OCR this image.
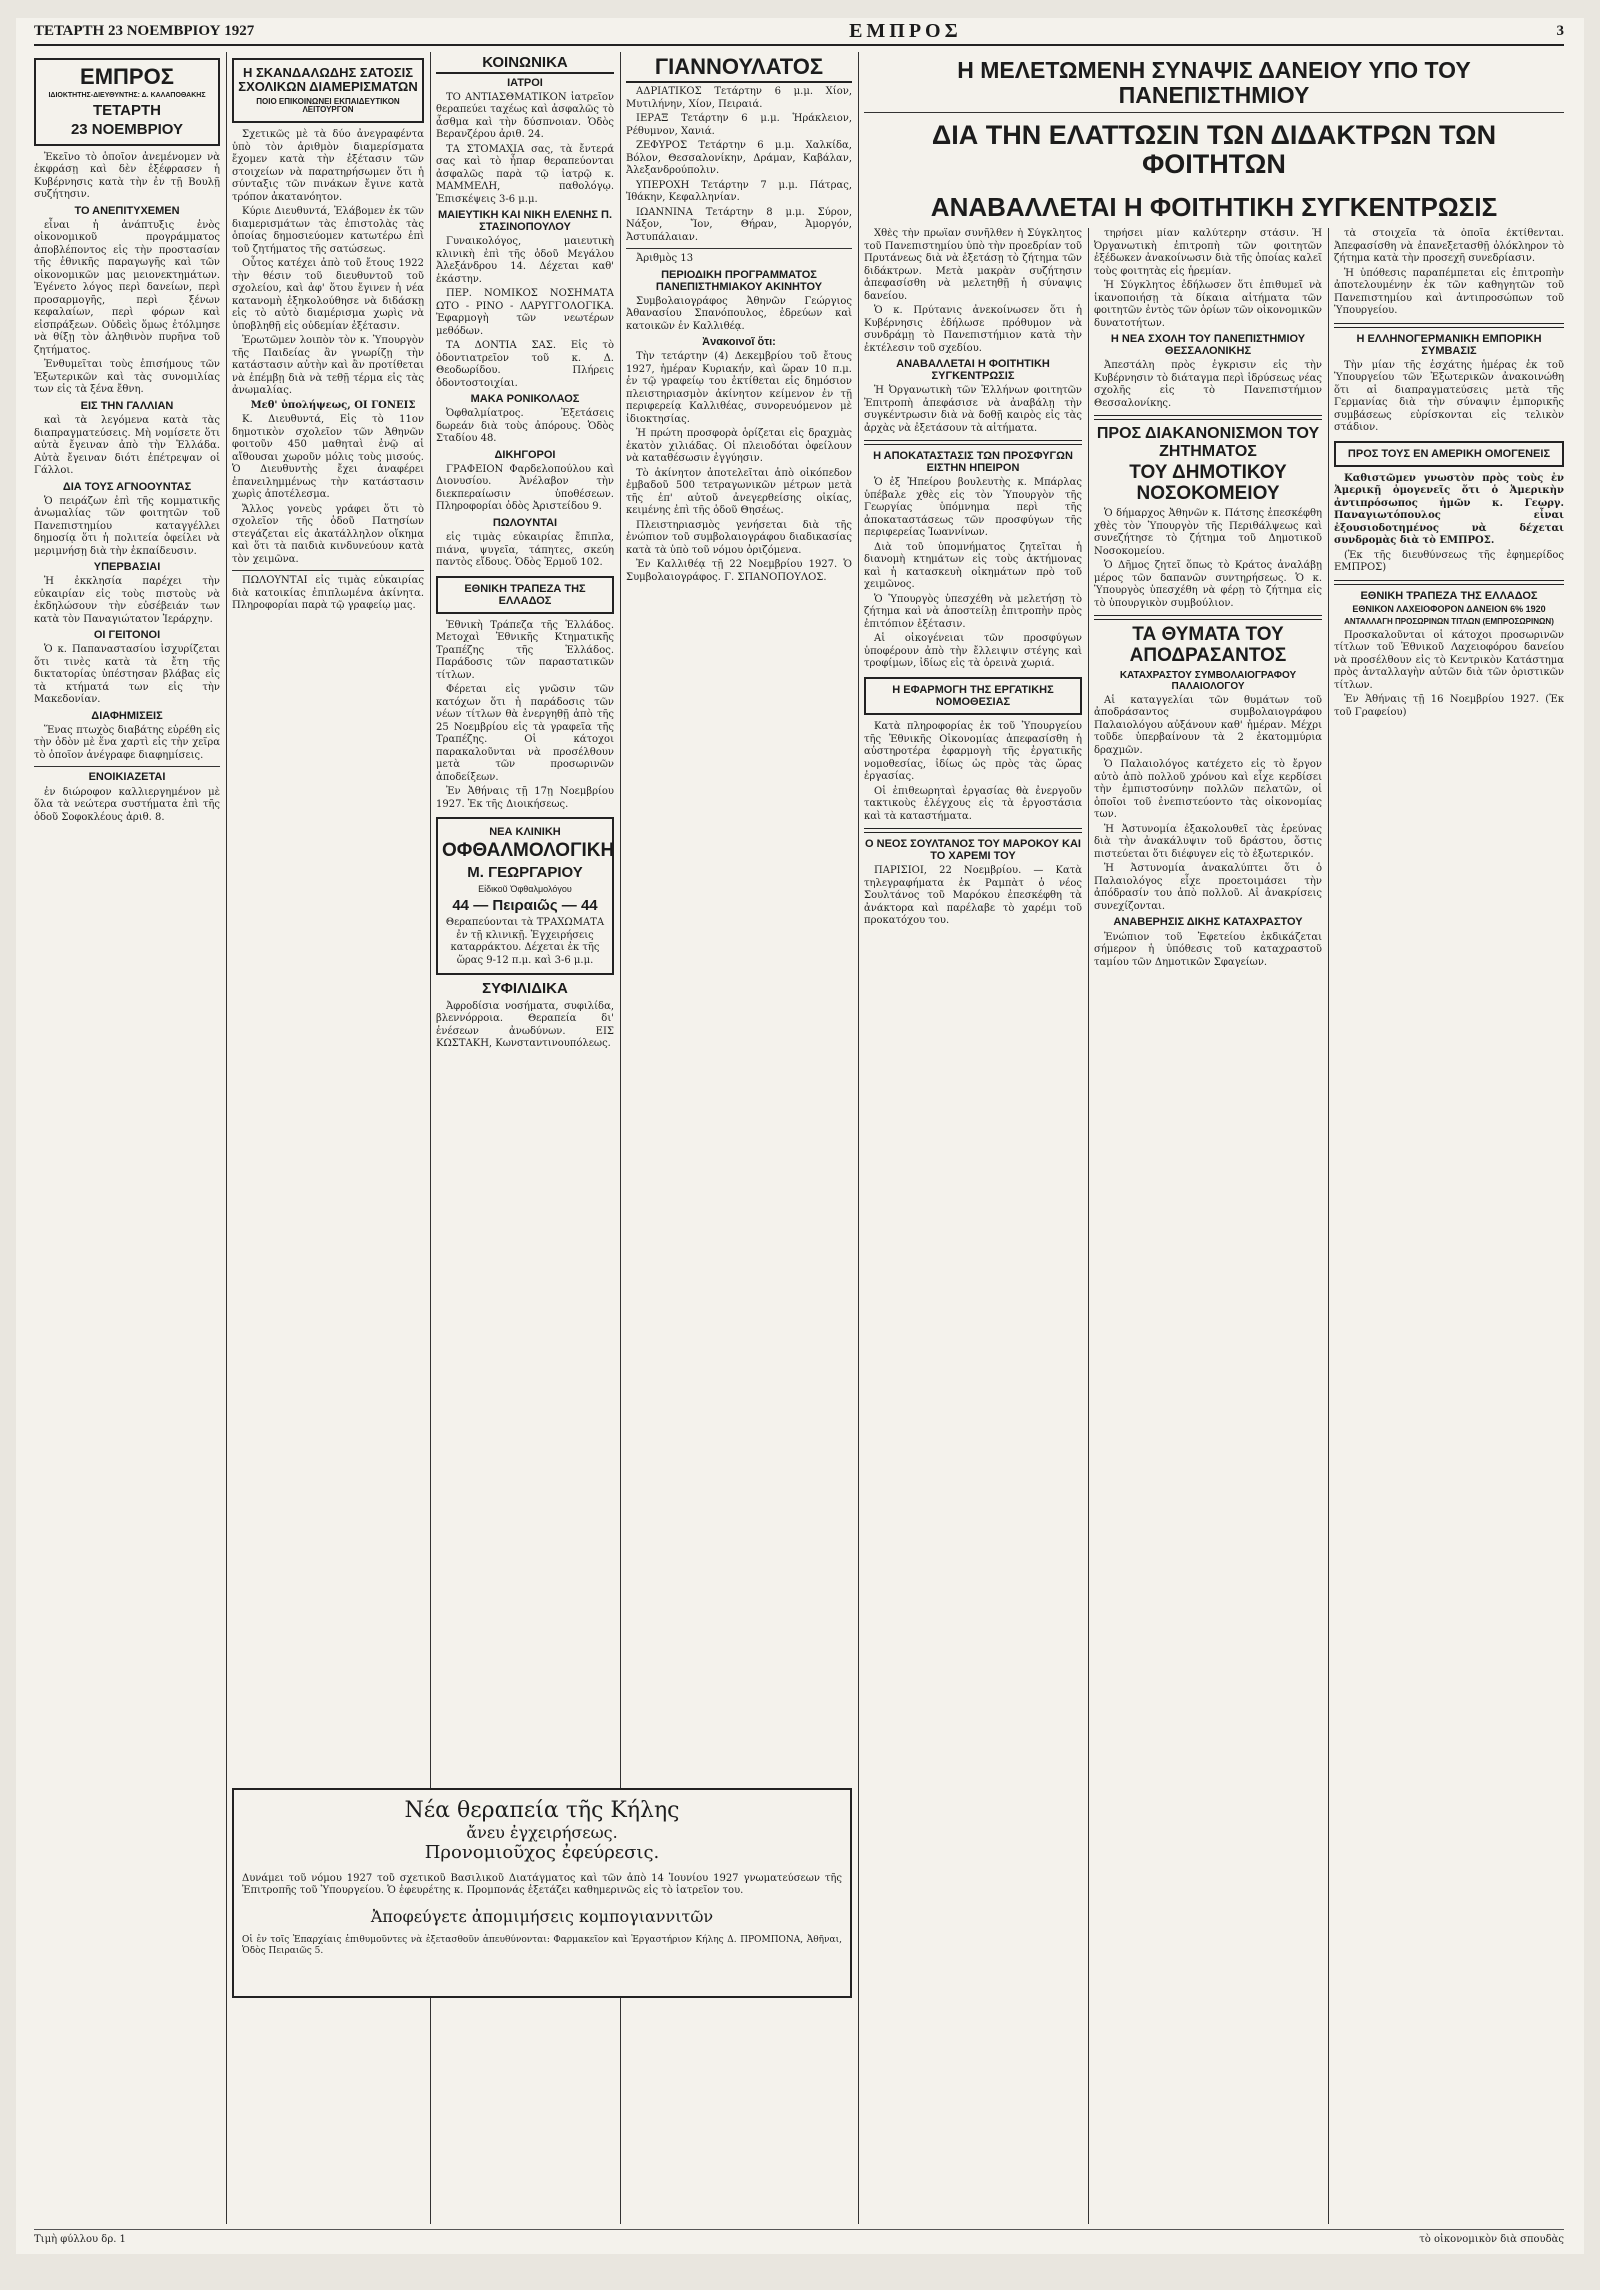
ΤΕΤΑΡΤΗ 23 ΝΟΕΜΒΡΙΟΥ 1927	ΕΜΠΡΟΣ	3
ΕΜΠΡΟΣ
ΙΔΙΟΚΤΗΤΗΣ-ΔΙΕΥΘΥΝΤΗΣ: Δ. ΚΑΛΑΠΟΘΑΚΗΣ
ΤΕΤΑΡΤΗ
23 ΝΟΕΜΒΡΙΟΥ

Ἐκεῖνο τὸ ὁποῖον ἀνεμένομεν νὰ ἐκφράσῃ καὶ δὲν ἐξέφρασεν ἡ Κυβέρνησις κατὰ τὴν ἐν τῇ Βουλῇ συζήτησιν.

ΤΟ ΑΝΕΠΙΤΥΧΕΜΕΝ

εἶναι ἡ ἀνάπτυξις ἑνὸς οἰκονομικοῦ προγράμματος ἀποβλέποντος εἰς τὴν προστασίαν τῆς ἐθνικῆς παραγωγῆς καὶ τῶν οἰκονομικῶν μας μειονεκτημάτων. Ἐγένετο λόγος περὶ δανείων, περὶ προσαρμογῆς, περὶ ξένων κεφαλαίων, περὶ φόρων καὶ εἰσπράξεων. Οὐδεὶς ὅμως ἐτόλμησε νὰ θίξῃ τὸν ἀληθινὸν πυρῆνα τοῦ ζητήματος.

Ἐνθυμεῖται τοὺς ἐπισήμους τῶν Ἐξωτερικῶν καὶ τὰς συνομιλίας των εἰς τὰ ξένα ἔθνη.

ΕΙΣ ΤΗΝ ΓΑΛΛΙΑΝ

καὶ τὰ λεγόμενα κατὰ τὰς διαπραγματεύσεις. Μὴ νομίσετε ὅτι αὐτὰ ἔγειναν ἀπὸ τὴν Ἑλλάδα. Αὐτὰ ἔγειναν διότι ἐπέτρεψαν οἱ Γάλλοι.

ΔΙΑ ΤΟΥΣ ΑΓΝΟΟΥΝΤΑΣ

Ὁ πειράζων ἐπὶ τῆς κομματικῆς ἀνωμαλίας τῶν φοιτητῶν τοῦ Πανεπιστημίου καταγγέλλει δημοσίᾳ ὅτι ἡ πολιτεία ὀφείλει νὰ μεριμνήσῃ διὰ τὴν ἐκπαίδευσιν.

ΥΠΕΡΒΑΣΙΑΙ

Ἡ ἐκκλησία παρέχει τὴν εὐκαιρίαν εἰς τοὺς πιστοὺς νὰ ἐκδηλώσουν τὴν εὐσέβειάν των κατὰ τὸν Παναγιώτατον Ἱεράρχην.

ΟΙ ΓΕΙΤΟΝΟΙ

Ὁ κ. Παπαναστασίου ἰσχυρίζεται ὅτι τινὲς κατὰ τὰ ἔτη τῆς δικτατορίας ὑπέστησαν βλάβας εἰς τὰ κτήματά των εἰς τὴν Μακεδονίαν.

ΔΙΑΦΗΜΙΣΕΙΣ

Ἕνας πτωχὸς διαβάτης εὑρέθη εἰς τὴν ὁδὸν μὲ ἕνα χαρτὶ εἰς τὴν χεῖρα τὸ ὁποῖον ἀνέγραφε διαφημίσεις.

ΕΝΟΙΚΙΑΖΕΤΑΙ

ἐν διώροφον καλλιεργημένον μὲ ὅλα τὰ νεώτερα συστήματα ἐπὶ τῆς ὁδοῦ Σοφοκλέους ἀριθ. 8.

Η ΣΚΑΝΔΑΛΩΔΗΣ ΣΑΤΟΣΙΣ ΣΧΟΛΙΚΩΝ ΔΙΑΜΕΡΙΣΜΑΤΩΝ
ΠΟΙΟ ΕΠΙΚΟΙΝΩΝΕΙ ΕΚΠΑΙΔΕΥΤΙΚΟΝ ΛΕΙΤΟΥΡΓΟΝ

Σχετικῶς μὲ τὰ δύο ἀνεγραφέντα ὑπὸ τὸν ἀριθμὸν διαμερίσματα ἔχομεν κατὰ τὴν ἐξέτασιν τῶν στοιχείων νὰ παρατηρήσωμεν ὅτι ἡ σύνταξις τῶν πινάκων ἔγινε κατὰ τρόπον ἀκατανόητον.

Κύριε Διευθυντά, Ἐλάβομεν ἐκ τῶν διαμερισμάτων τὰς ἐπιστολὰς τὰς ὁποίας δημοσιεύομεν κατωτέρω ἐπὶ τοῦ ζητήματος τῆς σατώσεως.

Οὗτος κατέχει ἀπὸ τοῦ ἔτους 1922 τὴν θέσιν τοῦ διευθυντοῦ τοῦ σχολείου, καὶ ἀφ' ὅτου ἔγινεν ἡ νέα κατανομὴ ἐξηκολούθησε νὰ διδάσκῃ εἰς τὸ αὐτὸ διαμέρισμα χωρὶς νὰ ὑποβληθῇ εἰς οὐδεμίαν ἐξέτασιν.

Ἐρωτῶμεν λοιπὸν τὸν κ. Ὑπουργὸν τῆς Παιδείας ἂν γνωρίζῃ τὴν κατάστασιν αὐτὴν καὶ ἂν προτίθεται νὰ ἐπέμβῃ διὰ νὰ τεθῇ τέρμα εἰς τὰς ἀνωμαλίας.

Μεθ' ὑπολήψεως, ΟΙ ΓΟΝΕΙΣ

Κ. Διευθυντά, Εἰς τὸ 11ον δημοτικὸν σχολεῖον τῶν Ἀθηνῶν φοιτοῦν 450 μαθηταὶ ἐνῷ αἱ αἴθουσαι χωροῦν μόλις τοὺς μισούς. Ὁ Διευθυντὴς ἔχει ἀναφέρει ἐπανειλημμένως τὴν κατάστασιν χωρὶς ἀποτέλεσμα.

Ἄλλος γονεὺς γράφει ὅτι τὸ σχολεῖον τῆς ὁδοῦ Πατησίων στεγάζεται εἰς ἀκατάλληλον οἴκημα καὶ ὅτι τὰ παιδιὰ κινδυνεύουν κατὰ τὸν χειμῶνα.

ΠΩΛΟΥΝΤΑΙ εἰς τιμὰς εὐκαιρίας διὰ κατοικίας ἐπιπλωμένα ἀκίνητα. Πληροφορίαι παρὰ τῷ γραφείῳ μας.

ΚΟΙΝΩΝΙΚΑ
ΙΑΤΡΟΙ

ΤΟ ΑΝΤΙΑΣΘΜΑΤΙΚΟΝ ἰατρεῖον θεραπεύει ταχέως καὶ ἀσφαλῶς τὸ ἆσθμα καὶ τὴν δύσπνοιαν. Ὁδὸς Βερανζέρου ἀριθ. 24.

ΤΑ ΣΤΟΜΑΧΙΑ σας, τὰ ἔντερά σας καὶ τὸ ἧπαρ θεραπεύονται ἀσφαλῶς παρὰ τῷ ἰατρῷ κ. ΜΑΜΜΕΛΗ, παθολόγῳ. Ἐπισκέψεις 3-6 μ.μ.

ΜΑΙΕΥΤΙΚΗ ΚΑΙ ΝΙΚΗ ΕΛΕΝΗΣ Π. ΣΤΑΣΙΝΟΠΟΥΛΟΥ

Γυναικολόγος, μαιευτικὴ κλινικὴ ἐπὶ τῆς ὁδοῦ Μεγάλου Ἀλεξάνδρου 14. Δέχεται καθ' ἑκάστην.

ΠΕΡ. ΝΟΜΙΚΟΣ ΝΟΣΗΜΑΤΑ ΩΤΟ - ΡΙΝΟ - ΛΑΡΥΓΓΟΛΟΓΙΚΑ. Ἐφαρμογὴ τῶν νεωτέρων μεθόδων.

ΤΑ ΔΟΝΤΙΑ ΣΑΣ. Εἰς τὸ ὀδοντιατρεῖον τοῦ κ. Δ. Θεοδωρίδου. Πλήρεις ὀδοντοστοιχίαι.

ΜΑΚΑ ΡΟΝΙΚΟΛΑΟΣ

Ὀφθαλμίατρος. Ἐξετάσεις δωρεάν διὰ τοὺς ἀπόρους. Ὁδὸς Σταδίου 48.

ΔΙΚΗΓΟΡΟΙ

ΓΡΑΦΕΙΟΝ Φαρδελοπούλου καὶ Διονυσίου. Ἀνέλαβον τὴν διεκπεραίωσιν ὑποθέσεων. Πληροφορίαι ὁδὸς Ἀριστείδου 9.

ΠΩΛΟΥΝΤΑΙ

εἰς τιμὰς εὐκαιρίας ἔπιπλα, πιάνα, ψυγεῖα, τάπητες, σκεύη παντὸς εἴδους. Ὁδὸς Ἑρμοῦ 102.

ΕΘΝΙΚΗ ΤΡΑΠΕΖΑ ΤΗΣ ΕΛΛΑΔΟΣ

Ἐθνικὴ Τράπεζα τῆς Ἑλλάδος. Μετοχαὶ Ἐθνικῆς Κτηματικῆς Τραπέζης τῆς Ἑλλάδος. Παράδοσις τῶν παραστατικῶν τίτλων.

Φέρεται εἰς γνῶσιν τῶν κατόχων ὅτι ἡ παράδοσις τῶν νέων τίτλων θὰ ἐνεργηθῇ ἀπὸ τῆς 25 Νοεμβρίου εἰς τὰ γραφεῖα τῆς Τραπέζης. Οἱ κάτοχοι παρακαλοῦνται νὰ προσέλθουν μετὰ τῶν προσωρινῶν ἀποδείξεων.

Ἐν Ἀθήναις τῇ 17ῃ Νοεμβρίου 1927. Ἐκ τῆς Διοικήσεως.

ΝΕΑ ΚΛΙΝΙΚΗ
ΟΦΘΑΛΜΟΛΟΓΙΚΗ
Μ. ΓΕΩΡΓΑΡΙΟΥ
Εἰδικοῦ Ὀφθαλμολόγου
44 — Πειραιῶς — 44

Θεραπεύονται τὰ ΤΡΑΧΩΜΑΤΑ ἐν τῇ κλινικῇ. Ἐγχειρήσεις καταρράκτου. Δέχεται ἐκ τῆς ὥρας 9-12 π.μ. καὶ 3-6 μ.μ.

ΣΥΦΙΛΙΔΙΚΑ

Ἀφροδίσια νοσήματα, συφιλίδα, βλεννόρροια. Θεραπεία δι' ἐνέσεων ἀνωδύνων. ΕΙΣ ΚΩΣΤΑΚΗ, Κωνσταντινουπόλεως.

ΓΙΑΝΝΟΥΛΑΤΟΣ

ΑΔΡΙΑΤΙΚΟΣ Τετάρτην 6 μ.μ. Χίον, Μυτιλήνην, Χίον, Πειραιά.

ΙΕΡΑΞ Τετάρτην 6 μ.μ. Ἡράκλειον, Ρέθυμνον, Χανιά.

ΖΕΦΥΡΟΣ Τετάρτην 6 μ.μ. Χαλκίδα, Βόλον, Θεσσαλονίκην, Δράμαν, Καβάλαν, Ἀλεξανδρούπολιν.

ΥΠΕΡΟΧΗ Τετάρτην 7 μ.μ. Πάτρας, Ἰθάκην, Κεφαλληνίαν.

ΙΩΑΝΝΙΝΑ Τετάρτην 8 μ.μ. Σύρον, Νάξον, Ἴον, Θήραν, Ἀμοργόν, Ἀστυπάλαιαν.

Ἀριθμὸς 13

ΠΕΡΙΟΔΙΚΗ ΠΡΟΓΡΑΜΜΑΤΟΣ ΠΑΝΕΠΙΣΤΗΜΙΑΚΟΥ ΑΚΙΝΗΤΟΥ

Συμβολαιογράφος Ἀθηνῶν Γεώργιος Ἀθανασίου Σπανόπουλος, ἐδρεύων καὶ κατοικῶν ἐν Καλλιθέᾳ.

Ἀνακοινοῖ ὅτι:

Τὴν τετάρτην (4) Δεκεμβρίου τοῦ ἔτους 1927, ἡμέραν Κυριακήν, καὶ ὥραν 10 π.μ. ἐν τῷ γραφείῳ του ἐκτίθεται εἰς δημόσιον πλειστηριασμὸν ἀκίνητον κείμενον ἐν τῇ περιφερείᾳ Καλλιθέας, συνορευόμενον μὲ ἰδιοκτησίας.

Ἡ πρώτη προσφορὰ ὁρίζεται εἰς δραχμὰς ἑκατὸν χιλιάδας. Οἱ πλειοδόται ὀφείλουν νὰ καταθέσωσιν ἐγγύησιν.

Τὸ ἀκίνητον ἀποτελεῖται ἀπὸ οἰκόπεδον ἐμβαδοῦ 500 τετραγωνικῶν μέτρων μετὰ τῆς ἐπ' αὐτοῦ ἀνεγερθείσης οἰκίας, κειμένης ἐπὶ τῆς ὁδοῦ Θησέως.

Πλειστηριασμὸς γενήσεται διὰ τῆς ἐνώπιον τοῦ συμβολαιογράφου διαδικασίας κατὰ τὰ ὑπὸ τοῦ νόμου ὁριζόμενα.

Ἐν Καλλιθέᾳ τῇ 22 Νοεμβρίου 1927. Ὁ Συμβολαιογράφος. Γ. ΣΠΑΝΟΠΟΥΛΟΣ.

Η ΜΕΛΕΤΩΜΕΝΗ ΣΥΝΑΨΙΣ ΔΑΝΕΙΟΥ ΥΠΟ ΤΟΥ ΠΑΝΕΠΙΣΤΗΜΙΟΥ
ΔΙΑ ΤΗΝ ΕΛΑΤΤΩΣΙΝ ΤΩΝ ΔΙΔΑΚΤΡΩΝ ΤΩΝ ΦΟΙΤΗΤΩΝ
ΑΝΑΒΑΛΛΕΤΑΙ Η ΦΟΙΤΗΤΙΚΗ ΣΥΓΚΕΝΤΡΩΣΙΣ

Χθὲς τὴν πρωΐαν συνῆλθεν ἡ Σύγκλητος τοῦ Πανεπιστημίου ὑπὸ τὴν προεδρίαν τοῦ Πρυτάνεως διὰ νὰ ἐξετάσῃ τὸ ζήτημα τῶν διδάκτρων. Μετὰ μακρὰν συζήτησιν ἀπεφασίσθη νὰ μελετηθῇ ἡ σύναψις δανείου.

Ὁ κ. Πρύτανις ἀνεκοίνωσεν ὅτι ἡ Κυβέρνησις ἐδήλωσε πρόθυμον νὰ συνδράμῃ τὸ Πανεπιστήμιον κατὰ τὴν ἐκτέλεσιν τοῦ σχεδίου.

ΑΝΑΒΑΛΛΕΤΑΙ Η ΦΟΙΤΗΤΙΚΗ ΣΥΓΚΕΝΤΡΩΣΙΣ

Ἡ Ὀργανωτικὴ τῶν Ἑλλήνων φοιτητῶν Ἐπιτροπὴ ἀπεφάσισε νὰ ἀναβάλῃ τὴν συγκέντρωσιν διὰ νὰ δοθῇ καιρὸς εἰς τὰς ἀρχὰς νὰ ἐξετάσουν τὰ αἰτήματα.

Η ΑΠΟΚΑΤΑΣΤΑΣΙΣ ΤΩΝ ΠΡΟΣΦΥΓΩΝ ΕΙΣΤΗΝ ΗΠΕΙΡΟΝ

Ὁ ἐξ Ἠπείρου βουλευτὴς κ. Μπάρλας ὑπέβαλε χθὲς εἰς τὸν Ὑπουργὸν τῆς Γεωργίας ὑπόμνημα περὶ τῆς ἀποκαταστάσεως τῶν προσφύγων τῆς περιφερείας Ἰωαννίνων.

Διὰ τοῦ ὑπομνήματος ζητεῖται ἡ διανομὴ κτημάτων εἰς τοὺς ἀκτήμονας καὶ ἡ κατασκευὴ οἰκημάτων πρὸ τοῦ χειμῶνος.

Ὁ Ὑπουργὸς ὑπεσχέθη νὰ μελετήσῃ τὸ ζήτημα καὶ νὰ ἀποστείλῃ ἐπιτροπὴν πρὸς ἐπιτόπιον ἐξέτασιν.

Αἱ οἰκογένειαι τῶν προσφύγων ὑποφέρουν ἀπὸ τὴν ἔλλειψιν στέγης καὶ τροφίμων, ἰδίως εἰς τὰ ὀρεινὰ χωριά.

Η ΕΦΑΡΜΟΓΗ ΤΗΣ ΕΡΓΑΤΙΚΗΣ ΝΟΜΟΘΕΣΙΑΣ

Κατὰ πληροφορίας ἐκ τοῦ Ὑπουργείου τῆς Ἐθνικῆς Οἰκονομίας ἀπεφασίσθη ἡ αὐστηροτέρα ἐφαρμογὴ τῆς ἐργατικῆς νομοθεσίας, ἰδίως ὡς πρὸς τὰς ὥρας ἐργασίας.

Οἱ ἐπιθεωρηταὶ ἐργασίας θὰ ἐνεργοῦν τακτικοὺς ἐλέγχους εἰς τὰ ἐργοστάσια καὶ τὰ καταστήματα.

Ο ΝΕΟΣ ΣΟΥΛΤΑΝΟΣ ΤΟΥ ΜΑΡΟΚΟΥ ΚΑΙ ΤΟ ΧΑΡΕΜΙ ΤΟΥ

ΠΑΡΙΣΙΟΙ, 22 Νοεμβρίου. — Κατὰ τηλεγραφήματα ἐκ Ραμπὰτ ὁ νέος Σουλτάνος τοῦ Μαρόκου ἐπεσκέφθη τὰ ἀνάκτορα καὶ παρέλαβε τὸ χαρέμι τοῦ προκατόχου του.

τηρήσει μίαν καλύτερην στάσιν. Ἡ Ὀργανωτικὴ ἐπιτροπὴ τῶν φοιτητῶν ἐξέδωκεν ἀνακοίνωσιν διὰ τῆς ὁποίας καλεῖ τοὺς φοιτητὰς εἰς ἡρεμίαν.

Ἡ Σύγκλητος ἐδήλωσεν ὅτι ἐπιθυμεῖ νὰ ἱκανοποιήσῃ τὰ δίκαια αἰτήματα τῶν φοιτητῶν ἐντὸς τῶν ὁρίων τῶν οἰκονομικῶν δυνατοτήτων.

Η ΝΕΑ ΣΧΟΛΗ ΤΟΥ ΠΑΝΕΠΙΣΤΗΜΙΟΥ ΘΕΣΣΑΛΟΝΙΚΗΣ

Ἀπεστάλη πρὸς ἐγκρισιν εἰς τὴν Κυβέρνησιν τὸ διάταγμα περὶ ἱδρύσεως νέας σχολῆς εἰς τὸ Πανεπιστήμιον Θεσσαλονίκης.

ΠΡΟΣ ΔΙΑΚΑΝΟΝΙΣΜΟΝ ΤΟΥ ΖΗΤΗΜΑΤΟΣ
ΤΟΥ ΔΗΜΟΤΙΚΟΥ ΝΟΣΟΚΟΜΕΙΟΥ

Ὁ δήμαρχος Ἀθηνῶν κ. Πάτσης ἐπεσκέφθη χθὲς τὸν Ὑπουργὸν τῆς Περιθάλψεως καὶ συνεζήτησε τὸ ζήτημα τοῦ Δημοτικοῦ Νοσοκομείου.

Ὁ Δῆμος ζητεῖ ὅπως τὸ Κράτος ἀναλάβῃ μέρος τῶν δαπανῶν συντηρήσεως. Ὁ κ. Ὑπουργὸς ὑπεσχέθη νὰ φέρῃ τὸ ζήτημα εἰς τὸ ὑπουργικὸν συμβούλιον.

ΤΑ ΘΥΜΑΤΑ ΤΟΥ ΑΠΟΔΡΑΣΑΝΤΟΣ
ΚΑΤΑΧΡΑΣΤΟΥ ΣΥΜΒΟΛΑΙΟΓΡΑΦΟΥ ΠΑΛΑΙΟΛΟΓΟΥ

Αἱ καταγγελίαι τῶν θυμάτων τοῦ ἀποδράσαντος συμβολαιογράφου Παλαιολόγου αὐξάνουν καθ' ἡμέραν. Μέχρι τοῦδε ὑπερβαίνουν τὰ 2 ἑκατομμύρια δραχμῶν.

Ὁ Παλαιολόγος κατέχετο εἰς τὸ ἔργον αὐτὸ ἀπὸ πολλοῦ χρόνου καὶ εἶχε κερδίσει τὴν ἐμπιστοσύνην πολλῶν πελατῶν, οἱ ὁποῖοι τοῦ ἐνεπιστεύοντο τὰς οἰκονομίας των.

Ἡ Ἀστυνομία ἐξακολουθεῖ τὰς ἐρεύνας διὰ τὴν ἀνακάλυψιν τοῦ δράστου, ὅστις πιστεύεται ὅτι διέφυγεν εἰς τὸ ἐξωτερικόν.

Ἡ Ἀστυνομία ἀνακαλύπτει ὅτι ὁ Παλαιολόγος εἶχε προετοιμάσει τὴν ἀπόδρασίν του ἀπὸ πολλοῦ. Αἱ ἀνακρίσεις συνεχίζονται.

ΑΝΑΒΕΡΗΣΙΣ ΔΙΚΗΣ ΚΑΤΑΧΡΑΣΤΟΥ

Ἐνώπιον τοῦ Ἐφετείου ἐκδικάζεται σήμερον ἡ ὑπόθεσις τοῦ καταχραστοῦ ταμίου τῶν Δημοτικῶν Σφαγείων.

τὰ στοιχεῖα τὰ ὁποῖα ἐκτίθενται. Ἀπεφασίσθη νὰ ἐπανεξετασθῇ ὁλόκληρον τὸ ζήτημα κατὰ τὴν προσεχῆ συνεδρίασιν.

Ἡ ὑπόθεσις παραπέμπεται εἰς ἐπιτροπὴν ἀποτελουμένην ἐκ τῶν καθηγητῶν τοῦ Πανεπιστημίου καὶ ἀντιπροσώπων τοῦ Ὑπουργείου.

Η ΕΛΛΗΝΟΓΕΡΜΑΝΙΚΗ ΕΜΠΟΡΙΚΗ ΣΥΜΒΑΣΙΣ

Τὴν μίαν τῆς ἐσχάτης ἡμέρας ἐκ τοῦ Ὑπουργείου τῶν Ἐξωτερικῶν ἀνακοινώθη ὅτι αἱ διαπραγματεύσεις μετὰ τῆς Γερμανίας διὰ τὴν σύναψιν ἐμπορικῆς συμβάσεως εὑρίσκονται εἰς τελικὸν στάδιον.

ΠΡΟΣ ΤΟΥΣ ΕΝ ΑΜΕΡΙΚΗ ΟΜΟΓΕΝΕΙΣ

Καθιστῶμεν γνωστὸν πρὸς τοὺς ἐν Ἀμερικῇ ὁμογενεῖς ὅτι ὁ Ἀμερικὴν ἀντιπρόσωπος ἡμῶν κ. Γεωργ. Παναγιωτόπουλος εἶναι ἐξουσιοδοτημένος νὰ δέχεται συνδρομὰς διὰ τὸ ΕΜΠΡΟΣ.

(Ἐκ τῆς διευθύνσεως τῆς ἐφημερίδος ΕΜΠΡΟΣ)

ΕΘΝΙΚΗ ΤΡΑΠΕΖΑ ΤΗΣ ΕΛΛΑΔΟΣ
ΕΘΝΙΚΟΝ ΛΑΧΕΙΟΦΟΡΟΝ ΔΑΝΕΙΟΝ 6% 1920
ΑΝΤΑΛΛΑΓΗ ΠΡΟΣΩΡΙΝΩΝ ΤΙΤΛΩΝ (ΕΜΠΡΟΣΩΡΙΝΩΝ)

Προσκαλοῦνται οἱ κάτοχοι προσωρινῶν τίτλων τοῦ Ἐθνικοῦ Λαχειοφόρου δανείου νὰ προσέλθουν εἰς τὸ Κεντρικὸν Κατάστημα πρὸς ἀνταλλαγὴν αὐτῶν διὰ τῶν ὁριστικῶν τίτλων.

Ἐν Ἀθήναις τῇ 16 Νοεμβρίου 1927. (Ἐκ τοῦ Γραφείου)

Νέα θεραπεία τῆς Κήλης
ἄνευ ἐγχειρήσεως.
Προνομιοῦχος ἐφεύρεσις.

Δυνάμει τοῦ νόμου 1927 τοῦ σχετικοῦ Βασιλικοῦ Διατάγματος καὶ τῶν ἀπὸ 14 Ἰουνίου 1927 γνωματεύσεων τῆς Ἐπιτροπῆς τοῦ Ὑπουργείου. Ὁ ἐφευρέτης κ. Προμπονάς ἐξετάζει καθημερινῶς εἰς τὸ ἰατρεῖον του.

Ἀποφεύγετε ἀπομιμήσεις κομπογιαννιτῶν

Οἱ ἐν τοῖς Ἐπαρχίαις ἐπιθυμοῦντες νὰ ἐξετασθοῦν ἀπευθύνονται: Φαρμακεῖον καὶ Ἐργαστήριον Κήλης Δ. ΠΡΟΜΠΟΝΑ, Ἀθῆναι, Ὁδὸς Πειραιῶς 5.

Τιμὴ φύλλου δρ. 1	τὸ οἰκονομικὸν διὰ σπουδὰς
